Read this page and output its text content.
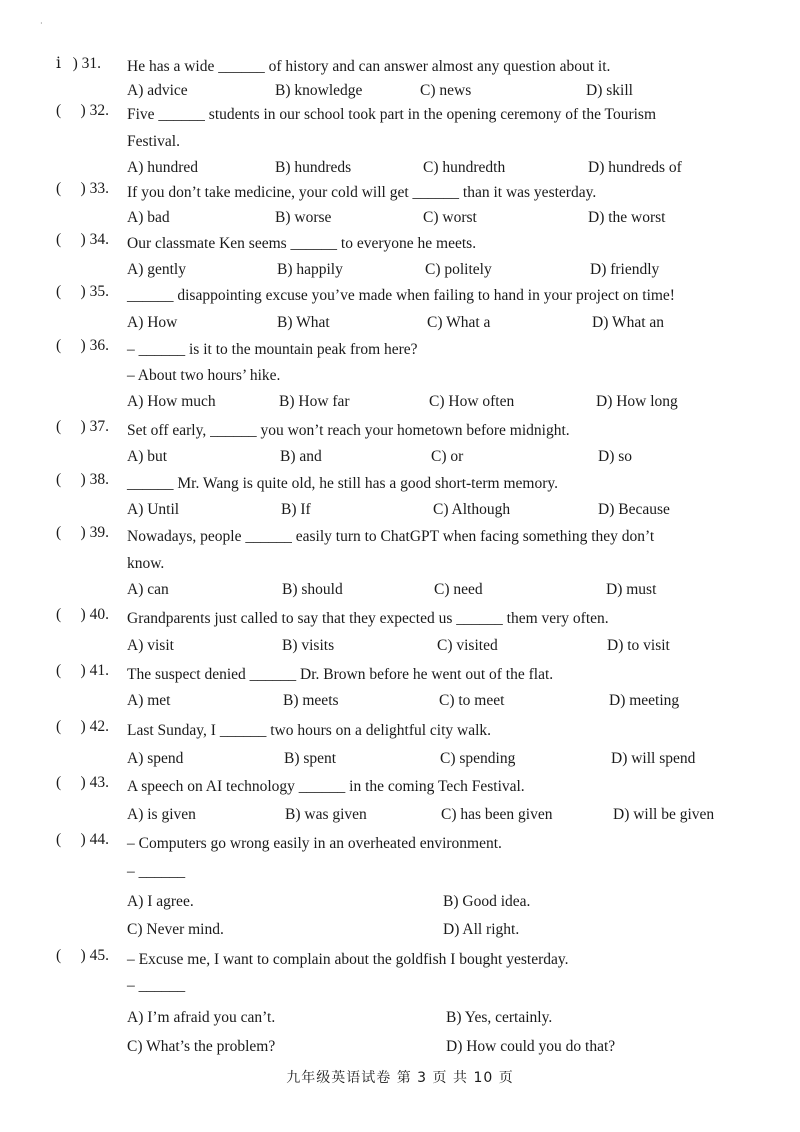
·
ⅰ   ) 31. He has a wide ______ of history and can answer almost any question about it.
A) advice	B) knowledge	C) news	D) skill
(     ) 32. Five ______ students in our school took part in the opening ceremony of the Tourism
Festival.
A) hundred	B) hundreds	C) hundredth	D) hundreds of
(     ) 33. If you don’t take medicine, your cold will get ______ than it was yesterday.
A) bad	B) worse	C) worst	D) the worst
(     ) 34. Our classmate Ken seems ______ to everyone he meets.
A) gently	B) happily	C) politely	D) friendly
(     ) 35. ______ disappointing excuse you’ve made when failing to hand in your project on time!
A) How	B) What	C) What a	D) What an
(     ) 36. – ______ is it to the mountain peak from here?
– About two hours’ hike.
A) How much	B) How far	C) How often	D) How long
(     ) 37. Set off early, ______ you won’t reach your hometown before midnight.
A) but	B) and	C) or	D) so
(     ) 38. ______ Mr. Wang is quite old, he still has a good short-term memory.
A) Until	B) If	C) Although	D) Because
(     ) 39. Nowadays, people ______ easily turn to ChatGPT when facing something they don’t
know.
A) can	B) should	C) need	D) must
(     ) 40. Grandparents just called to say that they expected us ______ them very often.
A) visit	B) visits	C) visited	D) to visit
(     ) 41. The suspect denied ______ Dr. Brown before he went out of the flat.
A) met	B) meets	C) to meet	D) meeting
(     ) 42. Last Sunday, I ______ two hours on a delightful city walk.
A) spend	B) spent	C) spending	D) will spend
(     ) 43. A speech on AI technology ______ in the coming Tech Festival.
A) is given	B) was given	C) has been given	D) will be given
(     ) 44. – Computers go wrong easily in an overheated environment.
– ______
A) I agree.	B) Good idea.
C) Never mind.	D) All right.
(     ) 45. – Excuse me, I want to complain about the goldfish I bought yesterday.
– ______
A) I’m afraid you can’t.	B) Yes, certainly.
C) What’s the problem?	D) How could you do that?
九年级英语试卷 第 3 页 共 10 页
